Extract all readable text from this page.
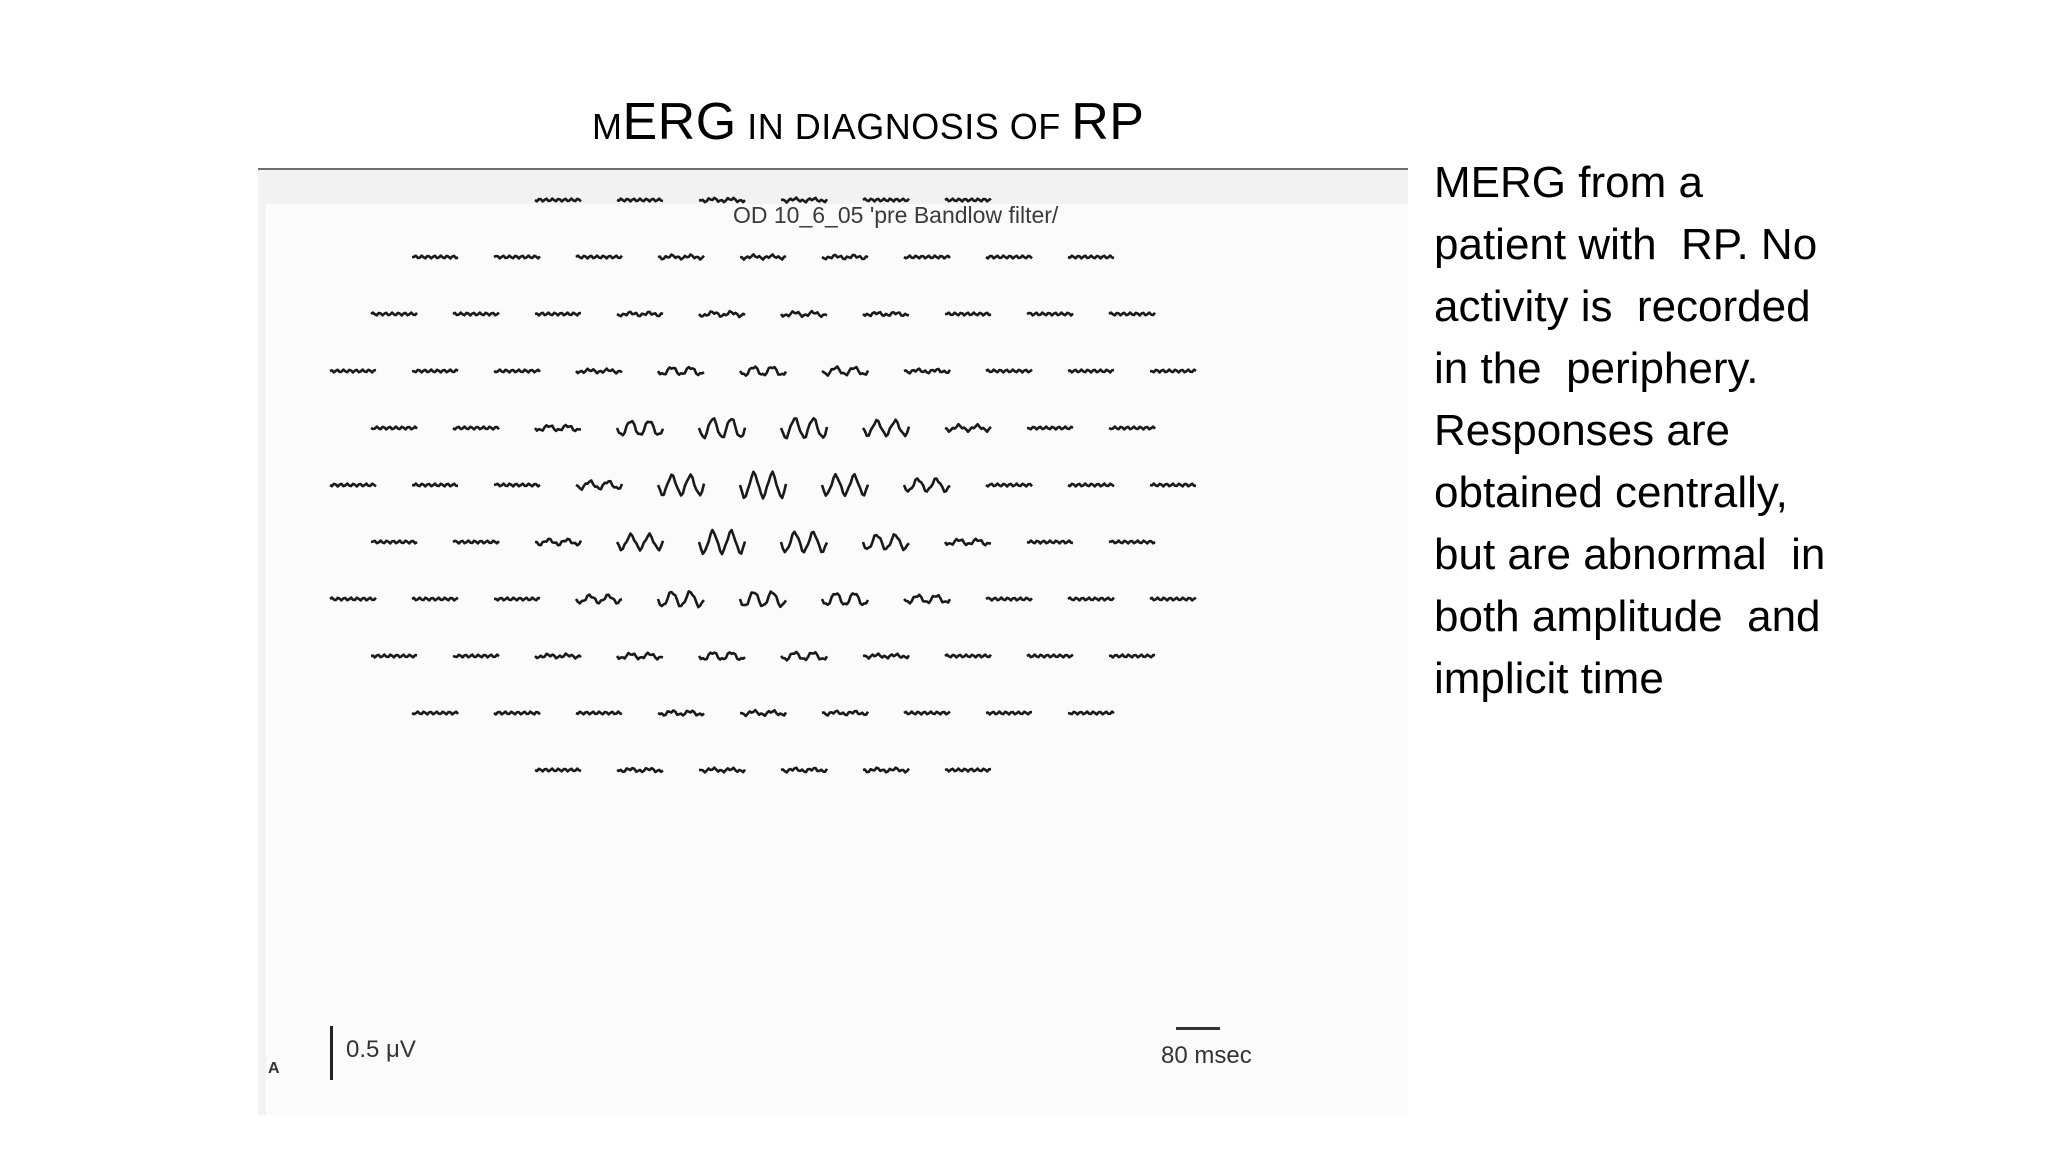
MERG IN DIAGNOSIS OF RP
OD 10_6_05 'pre Bandlow filter/
A
0.5 μV	80 msec
MERG from a
patient with  RP. No
activity is  recorded
in the  periphery.
Responses are
obtained centrally,
but are abnormal  in
both amplitude  and
implicit time
